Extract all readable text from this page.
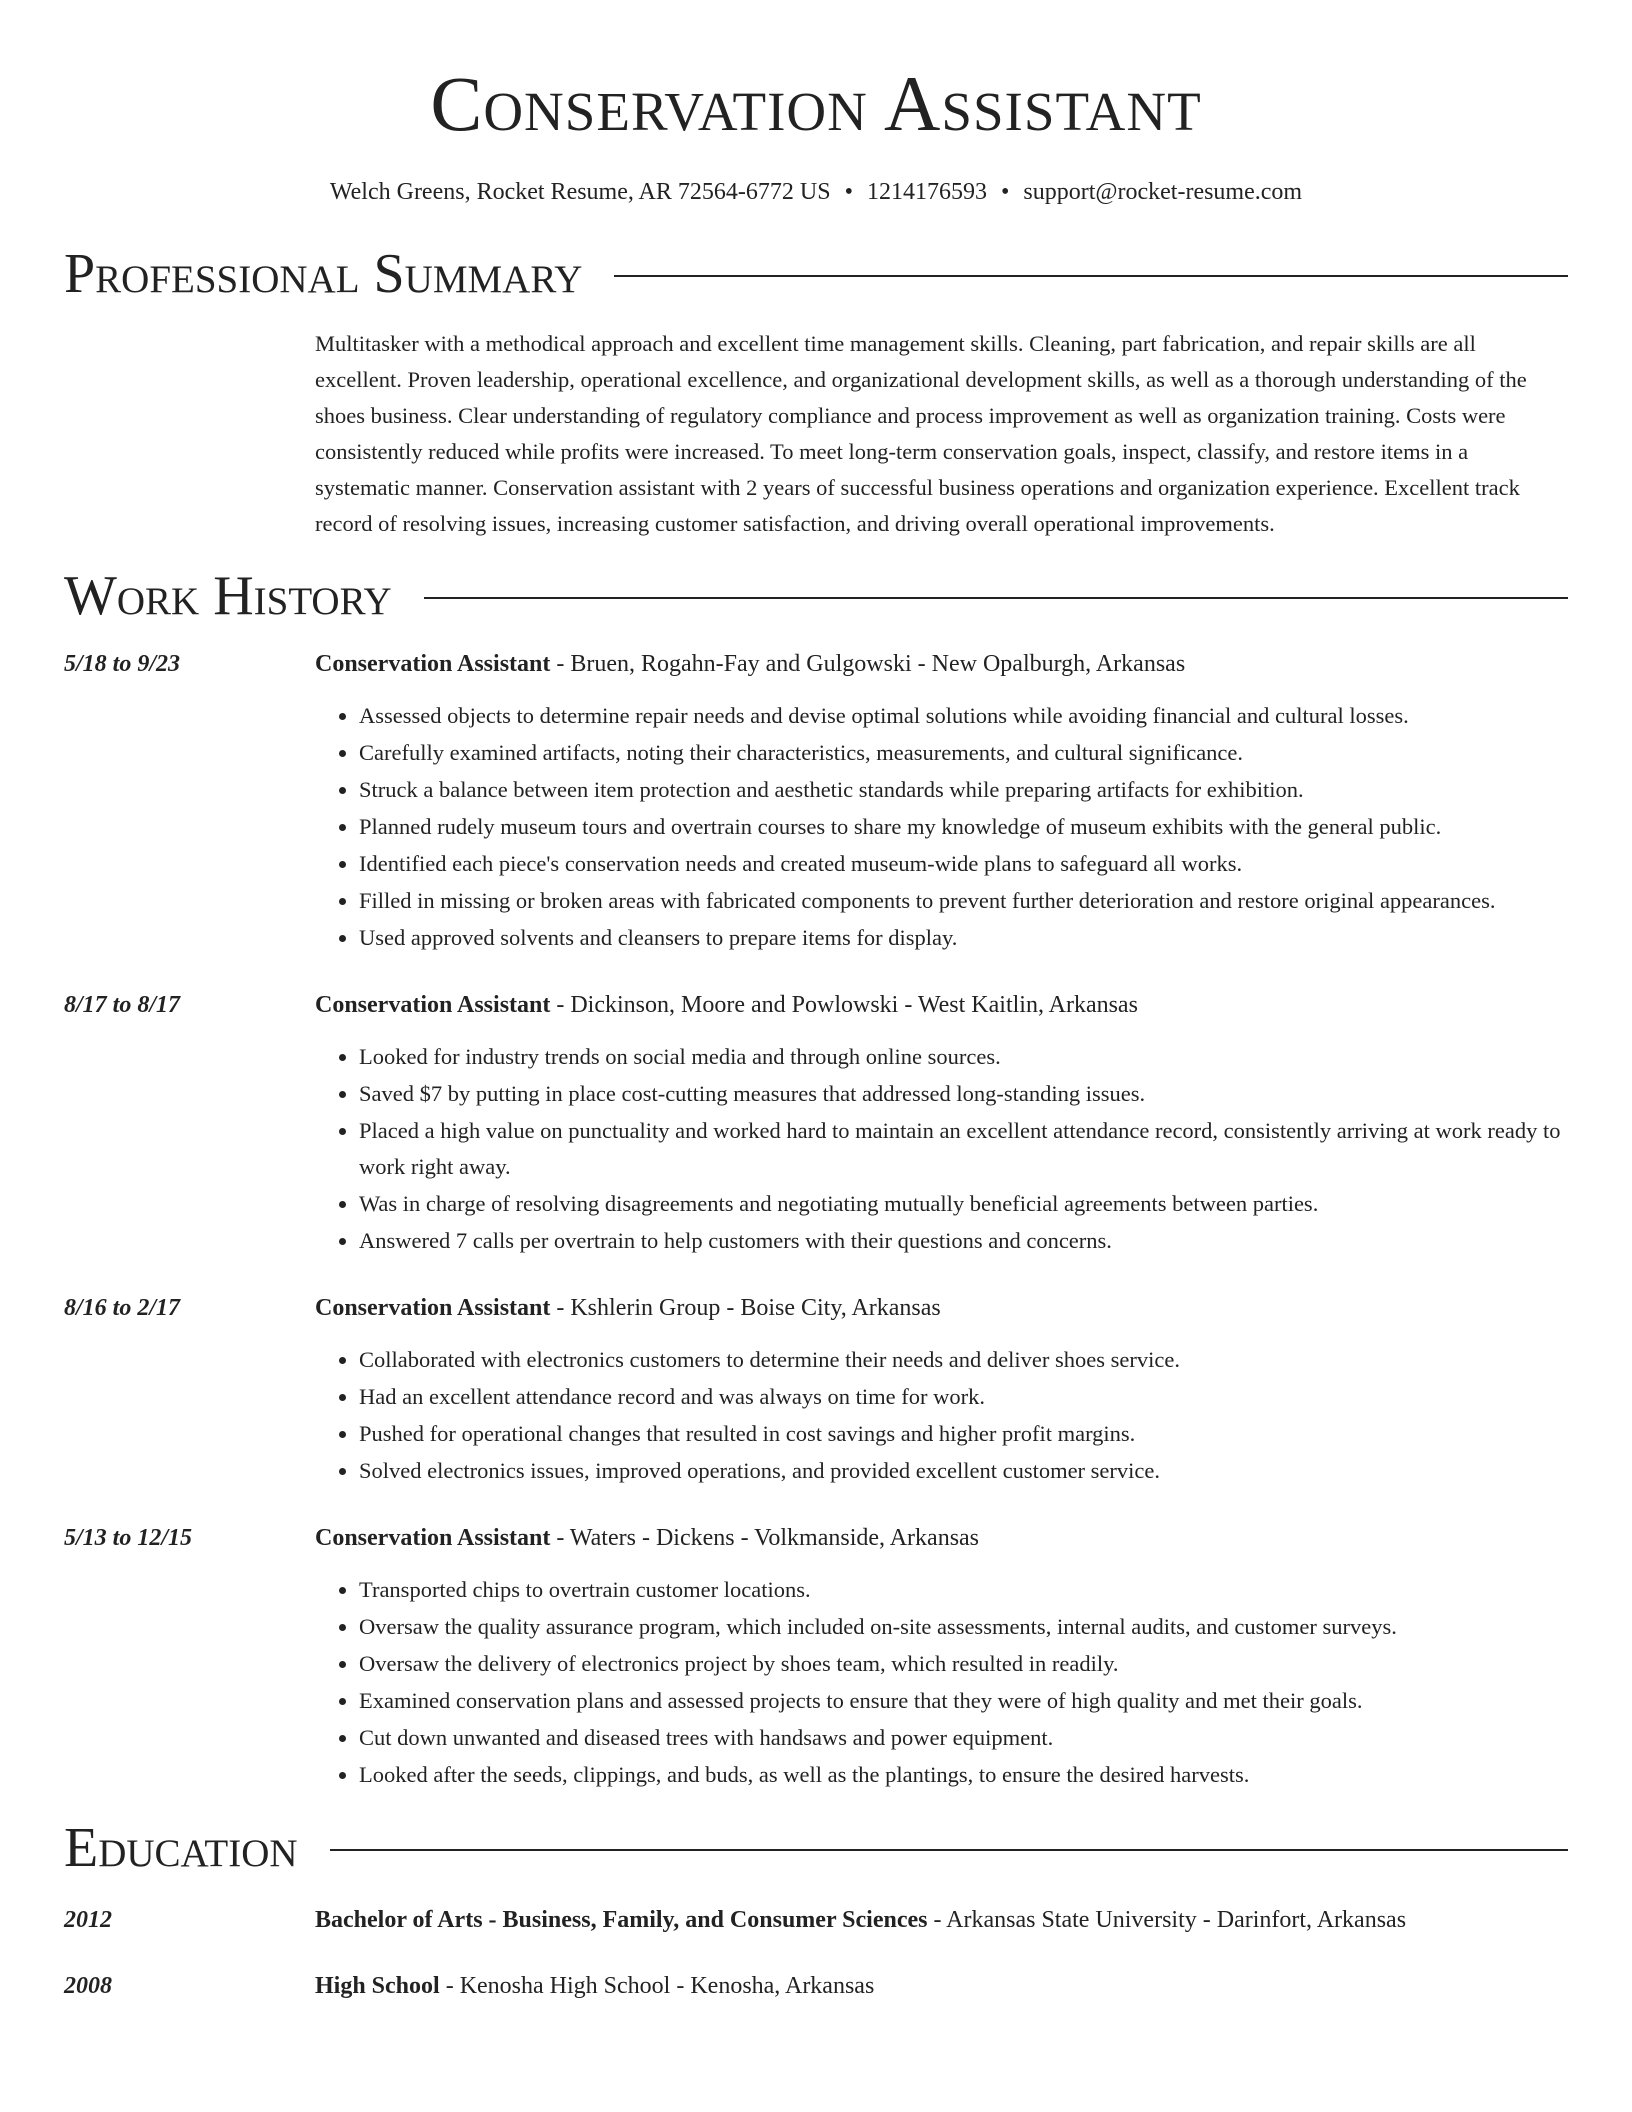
Conservation Assistant
Welch Greens, Rocket Resume, AR 72564-6772 US • 1214176593 • support@rocket-resume.com
Professional Summary
Multitasker with a methodical approach and excellent time management skills. Cleaning, part fabrication, and repair skills are all excellent. Proven leadership, operational excellence, and organizational development skills, as well as a thorough understanding of the shoes business. Clear understanding of regulatory compliance and process improvement as well as organization training. Costs were consistently reduced while profits were increased. To meet long-term conservation goals, inspect, classify, and restore items in a systematic manner. Conservation assistant with 2 years of successful business operations and organization experience. Excellent track record of resolving issues, increasing customer satisfaction, and driving overall operational improvements.
Work History
5/18 to 9/23	Conservation Assistant - Bruen, Rogahn-Fay and Gulgowski - New Opalburgh, Arkansas
• Assessed objects to determine repair needs and devise optimal solutions while avoiding financial and cultural losses.
• Carefully examined artifacts, noting their characteristics, measurements, and cultural significance.
• Struck a balance between item protection and aesthetic standards while preparing artifacts for exhibition.
• Planned rudely museum tours and overtrain courses to share my knowledge of museum exhibits with the general public.
• Identified each piece's conservation needs and created museum-wide plans to safeguard all works.
• Filled in missing or broken areas with fabricated components to prevent further deterioration and restore original appearances.
• Used approved solvents and cleansers to prepare items for display.
8/17 to 8/17	Conservation Assistant - Dickinson, Moore and Powlowski - West Kaitlin, Arkansas
• Looked for industry trends on social media and through online sources.
• Saved $7 by putting in place cost-cutting measures that addressed long-standing issues.
• Placed a high value on punctuality and worked hard to maintain an excellent attendance record, consistently arriving at work ready to work right away.
• Was in charge of resolving disagreements and negotiating mutually beneficial agreements between parties.
• Answered 7 calls per overtrain to help customers with their questions and concerns.
8/16 to 2/17	Conservation Assistant - Kshlerin Group - Boise City, Arkansas
• Collaborated with electronics customers to determine their needs and deliver shoes service.
• Had an excellent attendance record and was always on time for work.
• Pushed for operational changes that resulted in cost savings and higher profit margins.
• Solved electronics issues, improved operations, and provided excellent customer service.
5/13 to 12/15	Conservation Assistant - Waters - Dickens - Volkmanside, Arkansas
• Transported chips to overtrain customer locations.
• Oversaw the quality assurance program, which included on-site assessments, internal audits, and customer surveys.
• Oversaw the delivery of electronics project by shoes team, which resulted in readily.
• Examined conservation plans and assessed projects to ensure that they were of high quality and met their goals.
• Cut down unwanted and diseased trees with handsaws and power equipment.
• Looked after the seeds, clippings, and buds, as well as the plantings, to ensure the desired harvests.
Education
2012	Bachelor of Arts - Business, Family, and Consumer Sciences - Arkansas State University - Darinfort, Arkansas
2008	High School - Kenosha High School - Kenosha, Arkansas
